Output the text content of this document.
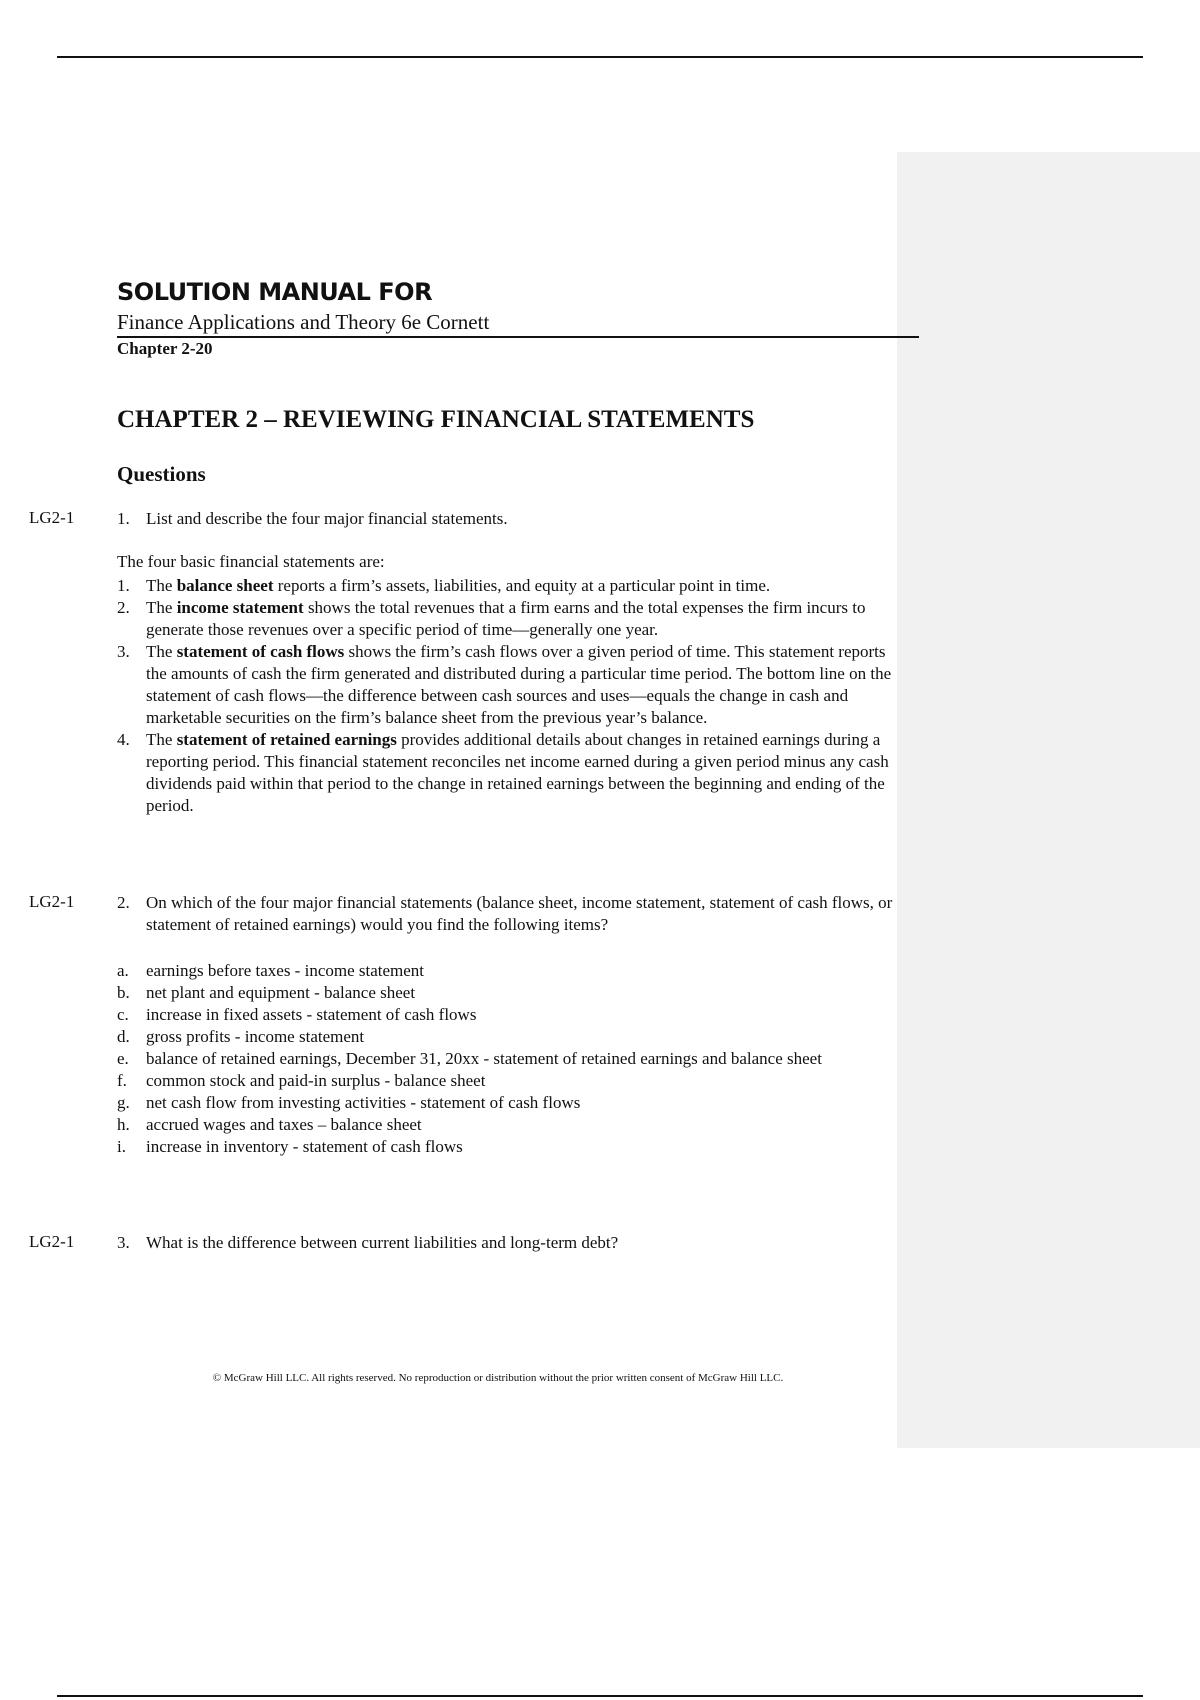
SOLUTION MANUAL FOR
Finance Applications and Theory 6e Cornett
Chapter 2-20
CHAPTER 2 – REVIEWING FINANCIAL STATEMENTS
Questions
LG2-1	1. List and describe the four major financial statements.
The four basic financial statements are:
1. The balance sheet reports a firm’s assets, liabilities, and equity at a particular point in time.
2. The income statement shows the total revenues that a firm earns and the total expenses the firm incurs to generate those revenues over a specific period of time—generally one year.
3. The statement of cash flows shows the firm’s cash flows over a given period of time. This statement reports the amounts of cash the firm generated and distributed during a particular time period. The bottom line on the statement of cash flows—the difference between cash sources and uses—equals the change in cash and marketable securities on the firm’s balance sheet from the previous year’s balance.
4. The statement of retained earnings provides additional details about changes in retained earnings during a reporting period. This financial statement reconciles net income earned during a given period minus any cash dividends paid within that period to the change in retained earnings between the beginning and ending of the period.
LG2-1	2. On which of the four major financial statements (balance sheet, income statement, statement of cash flows, or statement of retained earnings) would you find the following items?
a. earnings before taxes - income statement
b. net plant and equipment - balance sheet
c. increase in fixed assets - statement of cash flows
d. gross profits - income statement
e. balance of retained earnings, December 31, 20xx - statement of retained earnings and balance sheet
f. common stock and paid-in surplus - balance sheet
g. net cash flow from investing activities - statement of cash flows
h. accrued wages and taxes – balance sheet
i. increase in inventory - statement of cash flows
LG2-1	3. What is the difference between current liabilities and long-term debt?
© McGraw Hill LLC. All rights reserved. No reproduction or distribution without the prior written consent of McGraw Hill LLC.
